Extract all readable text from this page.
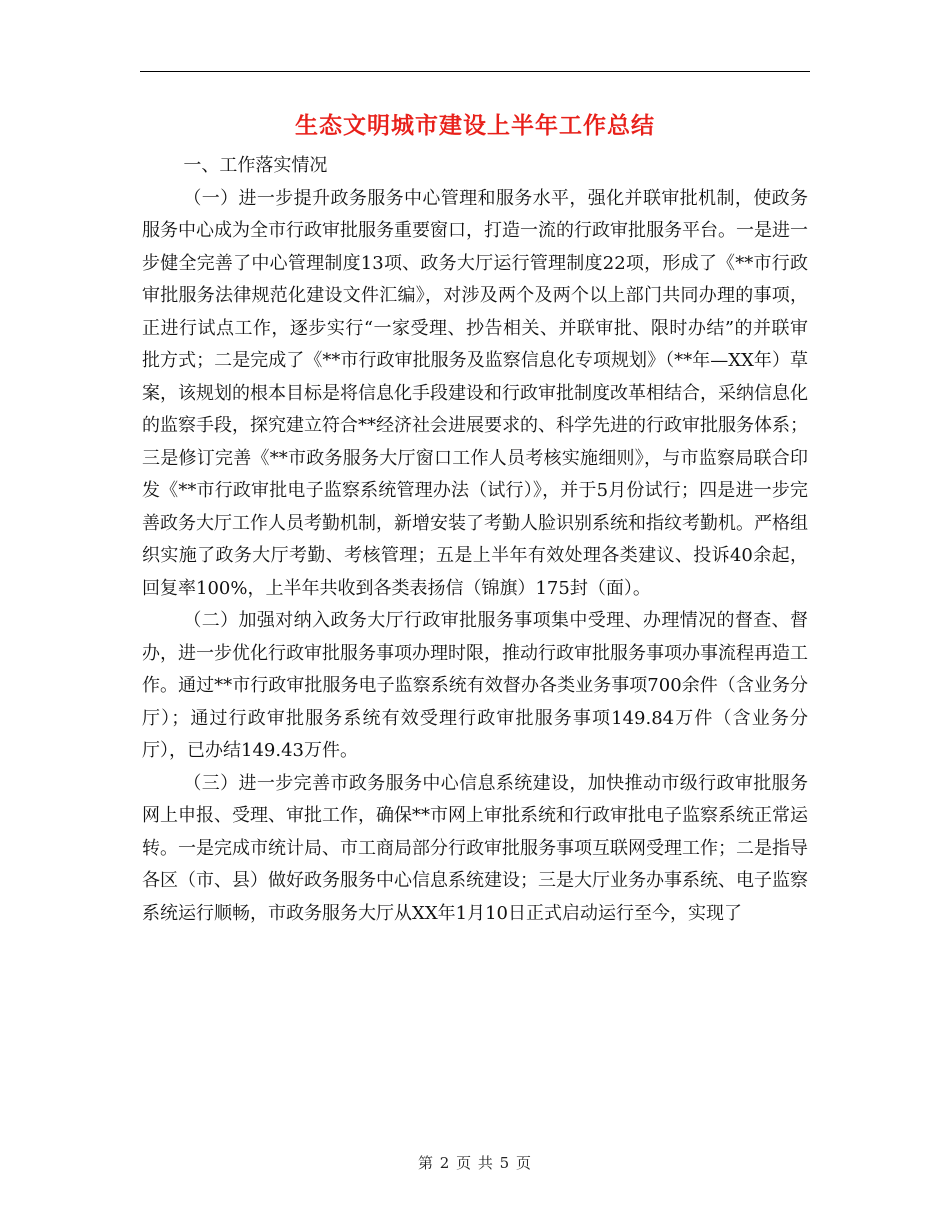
生态文明城市建设上半年工作总结

一、工作落实情况

（一）进一步提升政务服务中心管理和服务水平，强化并联审批机制，使政务服务中心成为全市行政审批服务重要窗口，打造一流的行政审批服务平台。一是进一步健全完善了中心管理制度13项、政务大厅运行管理制度22项，形成了《**市行政审批服务法律规范化建设文件汇编》，对涉及两个及两个以上部门共同办理的事项，正进行试点工作，逐步实行“一家受理、抄告相关、并联审批、限时办结”的并联审批方式；二是完成了《**市行政审批服务及监察信息化专项规划》（**年—XX年）草案，该规划的根本目标是将信息化手段建设和行政审批制度改革相结合，采纳信息化的监察手段，探究建立符合**经济社会进展要求的、科学先进的行政审批服务体系；三是修订完善《**市政务服务大厅窗口工作人员考核实施细则》，与市监察局联合印发《**市行政审批电子监察系统管理办法（试行）》，并于5月份试行；四是进一步完善政务大厅工作人员考勤机制，新增安装了考勤人脸识别系统和指纹考勤机。严格组织实施了政务大厅考勤、考核管理；五是上半年有效处理各类建议、投诉40余起，回复率100%，上半年共收到各类表扬信（锦旗）175封（面）。

（二）加强对纳入政务大厅行政审批服务事项集中受理、办理情况的督查、督办，进一步优化行政审批服务事项办理时限，推动行政审批服务事项办事流程再造工作。通过**市行政审批服务电子监察系统有效督办各类业务事项700余件（含业务分厅）；通过行政审批服务系统有效受理行政审批服务事项149.84万件（含业务分厅），已办结149.43万件。

（三）进一步完善市政务服务中心信息系统建设，加快推动市级行政审批服务网上申报、受理、审批工作，确保**市网上审批系统和行政审批电子监察系统正常运转。一是完成市统计局、市工商局部分行政审批服务事项互联网受理工作；二是指导各区（市、县）做好政务服务中心信息系统建设；三是大厅业务办事系统、电子监察系统运行顺畅，市政务服务大厅从XX年1月10日正式启动运行至今，实现了

第 2 页 共 5 页
